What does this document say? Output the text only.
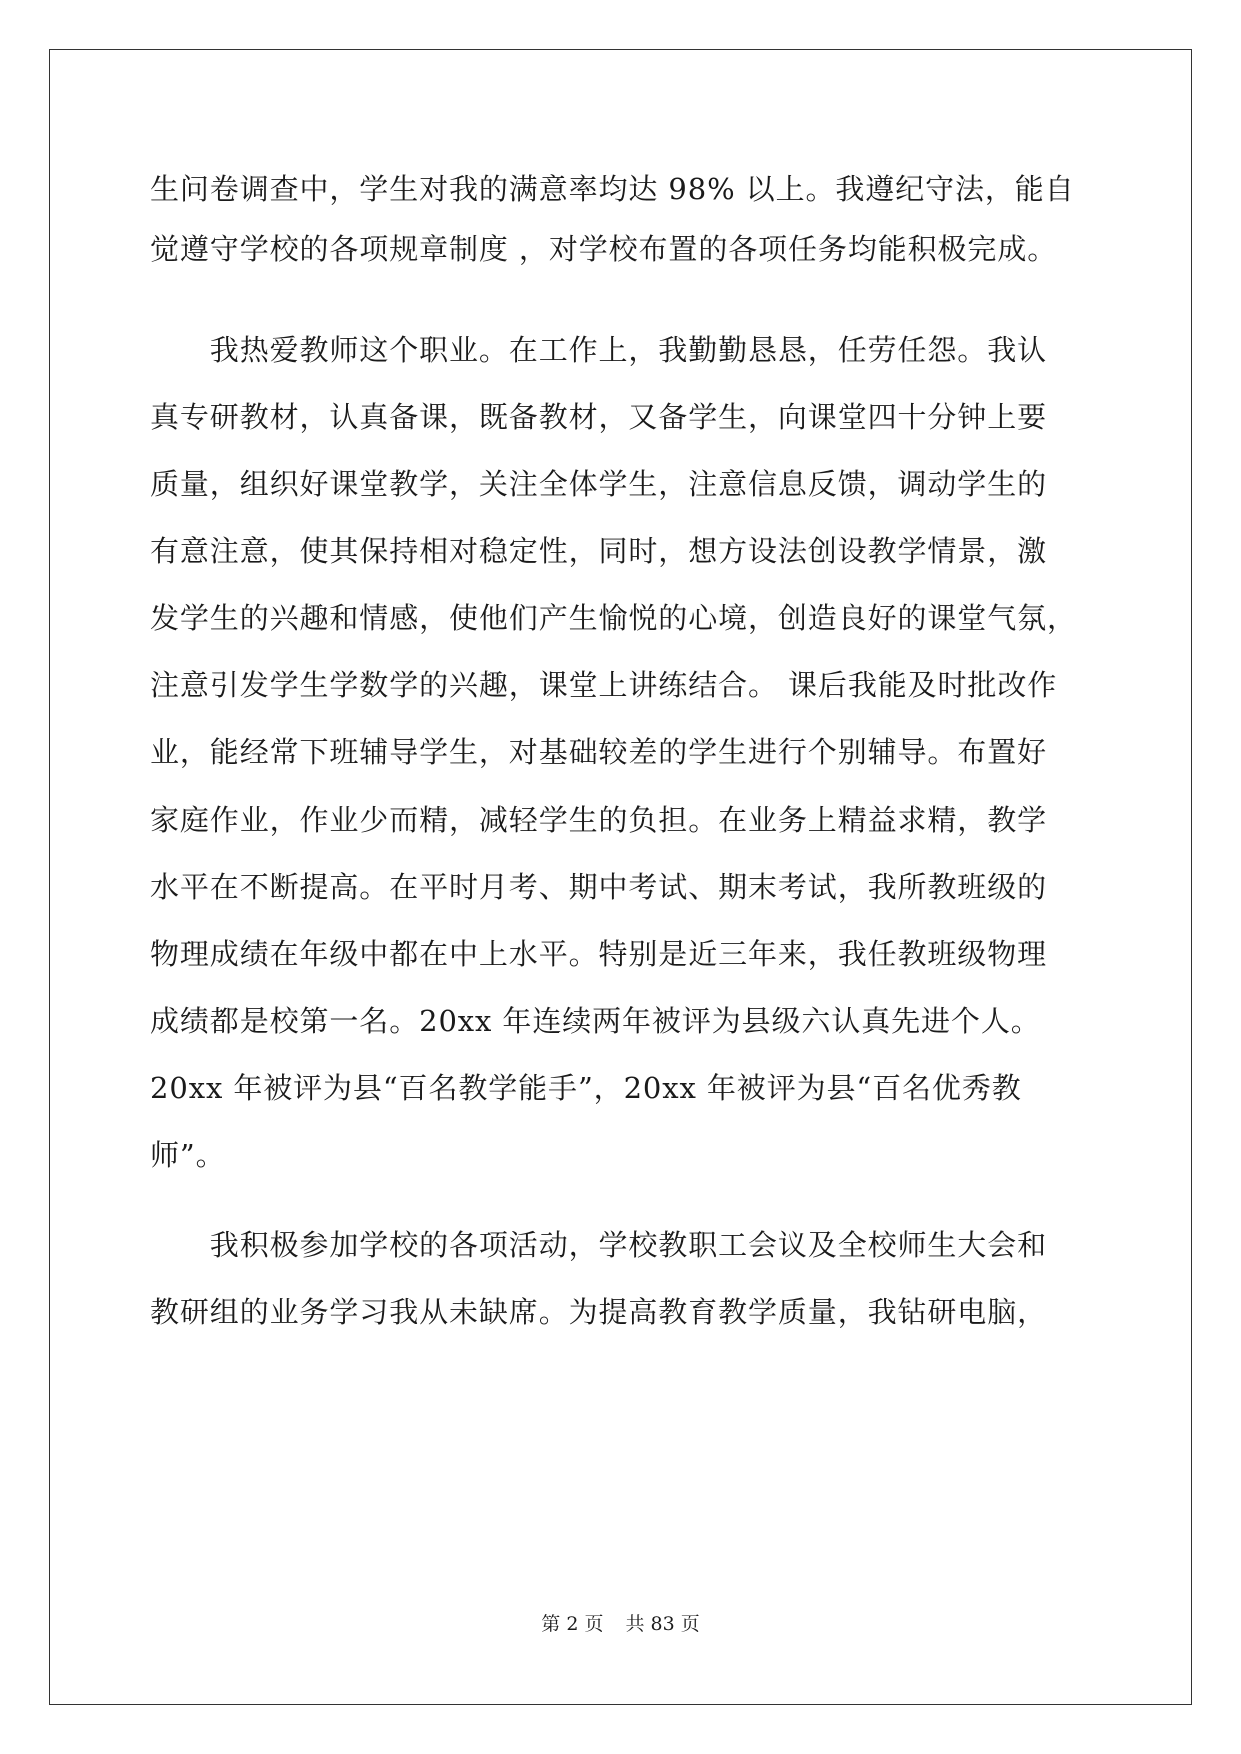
生问卷调查中，学生对我的满意率均达 98% 以上。我遵纪守法，能自
觉遵守学校的各项规章制度 ，对学校布置的各项任务均能积极完成。
　　我热爱教师这个职业。在工作上，我勤勤恳恳，任劳任怨。我认
真专研教材，认真备课，既备教材，又备学生，向课堂四十分钟上要
质量，组织好课堂教学，关注全体学生，注意信息反馈，调动学生的
有意注意，使其保持相对稳定性，同时，想方设法创设教学情景，激
发学生的兴趣和情感，使他们产生愉悦的心境，创造良好的课堂气氛，
注意引发学生学数学的兴趣，课堂上讲练结合。 课后我能及时批改作
业，能经常下班辅导学生，对基础较差的学生进行个别辅导。布置好
家庭作业，作业少而精，减轻学生的负担。在业务上精益求精，教学
水平在不断提高。在平时月考、期中考试、期末考试，我所教班级的
物理成绩在年级中都在中上水平。特别是近三年来，我任教班级物理
成绩都是校第一名。20xx 年连续两年被评为县级六认真先进个人。
20xx 年被评为县“百名教学能手”，20xx 年被评为县“百名优秀教
师”。
　　我积极参加学校的各项活动，学校教职工会议及全校师生大会和
教研组的业务学习我从未缺席。为提高教育教学质量，我钻研电脑，
第 2 页 共 83 页
